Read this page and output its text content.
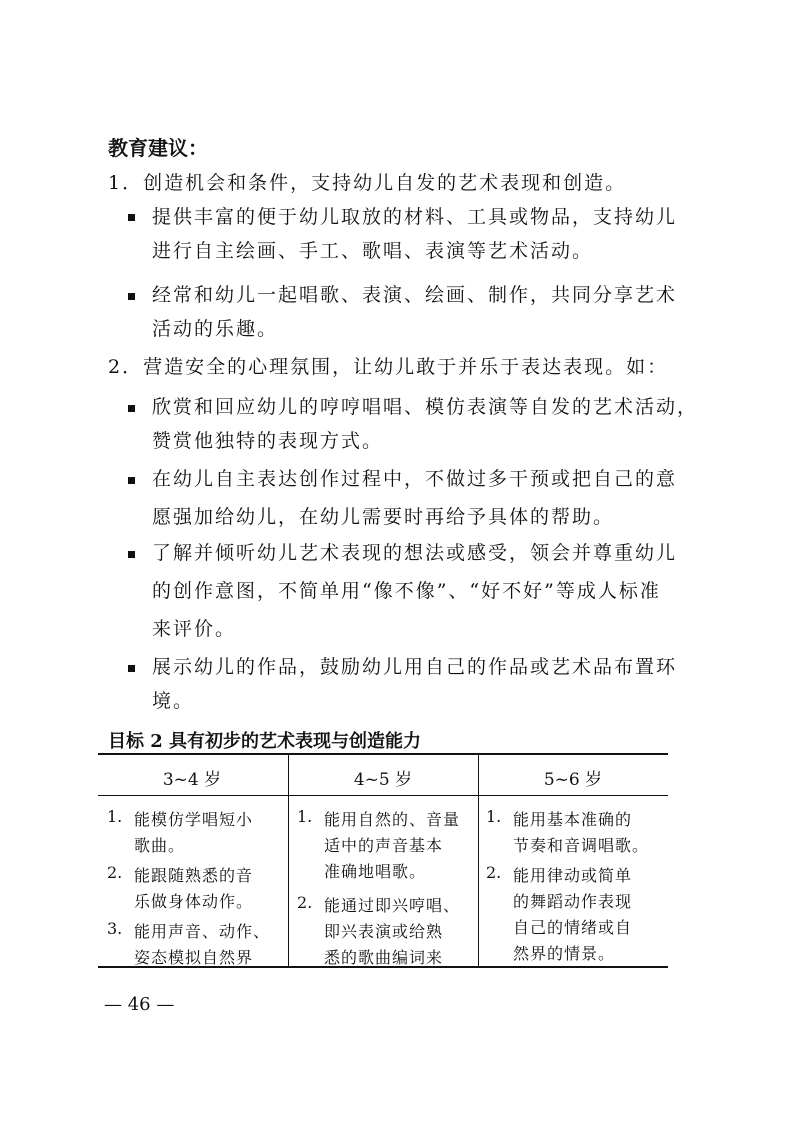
教育建议：
1．创造机会和条件，支持幼儿自发的艺术表现和创造。
提供丰富的便于幼儿取放的材料、工具或物品，支持幼儿
进行自主绘画、手工、歌唱、表演等艺术活动。
经常和幼儿一起唱歌、表演、绘画、制作，共同分享艺术
活动的乐趣。
2．营造安全的心理氛围，让幼儿敢于并乐于表达表现。如：
欣赏和回应幼儿的哼哼唱唱、模仿表演等自发的艺术活动，
赞赏他独特的表现方式。
在幼儿自主表达创作过程中，不做过多干预或把自己的意
愿强加给幼儿，在幼儿需要时再给予具体的帮助。
了解并倾听幼儿艺术表现的想法或感受，领会并尊重幼儿
的创作意图，不简单用“像不像”、“好不好”等成人标准
来评价。
展示幼儿的作品，鼓励幼儿用自己的作品或艺术品布置环
境。
目标 2 具有初步的艺术表现与创造能力
3~4 岁	4~5 岁	5~6 岁
1. 能模仿学唱短小
歌曲。
2. 能跟随熟悉的音
乐做身体动作。
3. 能用声音、动作、
姿态模拟自然界
1. 能用自然的、音量
适中的声音基本
准确地唱歌。
2. 能通过即兴哼唱、
即兴表演或给熟
悉的歌曲编词来
1. 能用基本准确的
节奏和音调唱歌。
2. 能用律动或简单
的舞蹈动作表现
自己的情绪或自
然界的情景。
— 46 —
